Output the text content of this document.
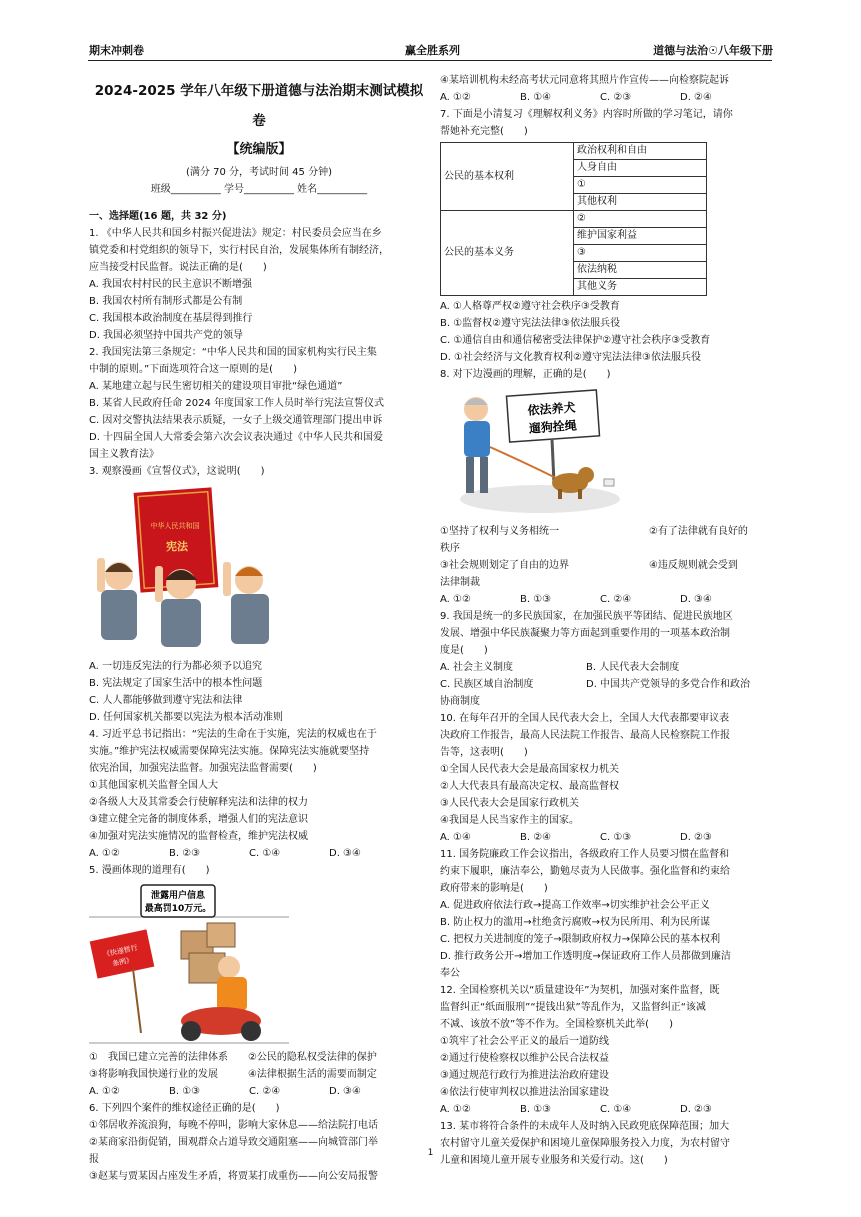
期末冲刺卷	赢全胜系列	道德与法治☉八年级下册
2024-2025 学年八年级下册道德与法治期末测试模拟
卷
【统编版】
(满分 70 分，考试时间 45 分钟)
班级__________ 学号__________ 姓名__________
一、选择题(16 题，共 32 分)
1. 《中华人民共和国乡村振兴促进法》规定：村民委员会应当在乡
镇党委和村党组织的领导下，实行村民自治，发展集体所有制经济，
应当接受村民监督。说法正确的是(　　)
A. 我国农村村民的民主意识不断增强
B. 我国农村所有制形式都是公有制
C. 我国根本政治制度在基层得到推行
D. 我国必须坚持中国共产党的领导
2. 我国宪法第三条规定：“中华人民共和国的国家机构实行民主集
中制的原则。”下面选项符合这一原则的是(　　)
A. 某地建立起与民生密切相关的建设项目审批“绿色通道”
B. 某省人民政府任命 2024 年度国家工作人员时举行宪法宣誓仪式
C. 因对交警执法结果表示质疑，一女子上级交通管理部门提出申诉
D. 十四届全国人大常委会第六次会议表决通过《中华人民共和国爱
国主义教育法》
3. 观察漫画《宣誓仪式》，这说明(　　)
中华人民共和国
宪法
A. 一切违反宪法的行为都必须予以追究
B. 宪法规定了国家生活中的根本性问题
C. 人人都能够做到遵守宪法和法律
D. 任何国家机关都要以宪法为根本活动准则
4. 习近平总书记指出：“宪法的生命在于实施，宪法的权威也在于
实施。”维护宪法权威需要保障宪法实施。保障宪法实施就要坚持
依宪治国，加强宪法监督。加强宪法监督需要(　　)
①其他国家机关监督全国人大
②各级人大及其常委会行使解释宪法和法律的权力
③建立健全完备的制度体系，增强人们的宪法意识
④加强对宪法实施情况的监督检查，维护宪法权威
A. ①②	B. ②③	C. ①④	D. ③④
5. 漫画体现的道理有(　　)
泄露用户信息
最高罚10万元。
《快递暂行
条例》
①　我国已建立完善的法律体系　　②公民的隐私权受法律的保护
③将影响我国快递行业的发展　　　④法律根据生活的需要而制定
A. ①②	B. ①③	C. ②④	D. ③④
6. 下列四个案件的维权途径正确的是(　　)
①邻居收养流浪狗，每晚不停叫，影响大家休息——给法院打电话
②某商家沿街促销，围观群众占道导致交通阻塞——向城管部门举
报
③赵某与贾某因占座发生矛盾，将贾某打成重伤——向公安局报警
④某培训机构未经高考状元同意将其照片作宣传——向检察院起诉
A. ①②	B. ①④	C. ②③	D. ②④
7. 下面是小清复习《理解权利义务》内容时所做的学习笔记，请你
帮她补充完整(　　)
公民的基本权利	政治权利和自由
	人身自由
	①
	其他权利
公民的基本义务	②
	维护国家利益
	③
	依法纳税
	其他义务
A. ①人格尊严权②遵守社会秩序③受教育
B. ①监督权②遵守宪法法律③依法服兵役
C. ①通信自由和通信秘密受法律保护②遵守社会秩序③受教育
D. ①社会经济与文化教育权利②遵守宪法法律③依法服兵役
8. 对下边漫画的理解，正确的是(　　)
依法养犬
遛狗拴绳
①坚持了权利与义务相统一　　　　　　　　　②有了法律就有良好的
秩序
③社会规则划定了自由的边界　　　　　　　　④违反规则就会受到
法律制裁
A. ①②	B. ①③	C. ②④	D. ③④
9. 我国是统一的多民族国家，在加强民族平等团结、促进民族地区
发展、增强中华民族凝聚力等方面起到重要作用的一项基本政治制
度是(　　)
A. 社会主义制度	B. 人民代表大会制度
C. 民族区域自治制度	D. 中国共产党领导的多党合作和政治
协商制度
10. 在每年召开的全国人民代表大会上，全国人大代表都要审议表
决政府工作报告，最高人民法院工作报告、最高人民检察院工作报
告等，这表明(　　)
①全国人民代表大会是最高国家权力机关
②人大代表具有最高决定权、最高监督权
③人民代表大会是国家行政机关
④我国是人民当家作主的国家。
A. ①④	B. ②④	C. ①③	D. ②③
11. 国务院廉政工作会议指出，各级政府工作人员要习惯在监督和
约束下履职，廉洁奉公，勤勉尽责为人民做事。强化监督和约束给
政府带来的影响是(　　)
A. 促进政府依法行政→提高工作效率→切实维护社会公平正义
B. 防止权力的滥用→杜绝贪污腐败→权为民所用、利为民所谋
C. 把权力关进制度的笼子→限制政府权力→保障公民的基本权利
D. 推行政务公开→增加工作透明度→保证政府工作人员都做到廉洁
奉公
12. 全国检察机关以“质量建设年”为契机，加强对案件监督，既
监督纠正“纸面服刑”“提钱出狱”等乱作为，又监督纠正“该减
不减、该放不放”等不作为。全国检察机关此举(　　)
①筑牢了社会公平正义的最后一道防线
②通过行使检察权以维护公民合法权益
③通过规范行政行为推进法治政府建设
④依法行使审判权以推进法治国家建设
A. ①②	B. ①③	C. ①④	D. ②③
13. 某市将符合条件的未成年人及时纳入民政兜底保障范围；加大
农村留守儿童关爱保护和困境儿童保障服务投入力度，为农村留守
儿童和困境儿童开展专业服务和关爱行动。这(　　)
1
